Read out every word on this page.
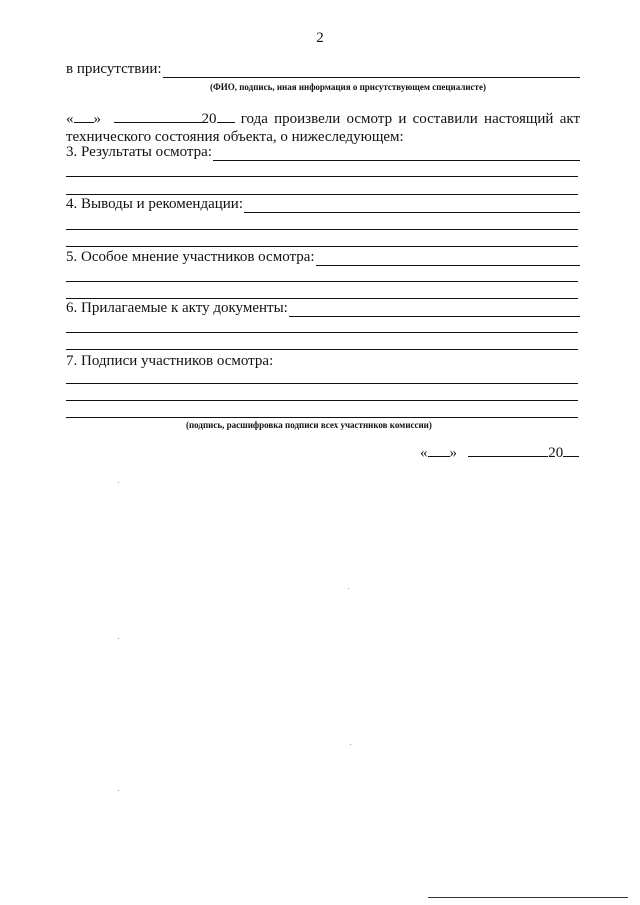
2
в присутствии:
(ФИО, подпись, иная информация о присутствующем специалисте)

« »	20 года произвели осмотр и составили настоящий акт

технического состояния объекта, о нижеследующем:

3. Результаты осмотра:
4. Выводы и рекомендации:
5. Особое мнение участников осмотра:
6. Прилагаемые к акту документы:
7. Подписи участников осмотра:
(подпись, расшифровка подписи всех участников комиссии)
« »	20
